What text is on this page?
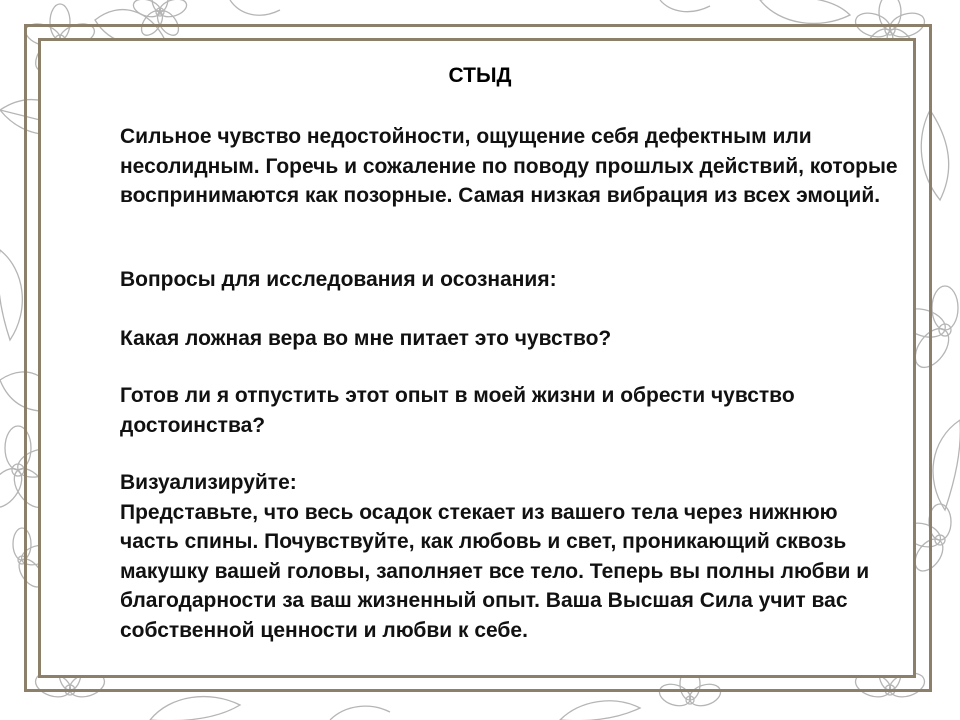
СТЫД

Сильное чувство недостойности, ощущение себя дефектным или несолидным. Горечь и сожаление по поводу прошлых действий, которые воспринимаются как позорные. Самая низкая вибрация из всех эмоций.

Вопросы для исследования и осознания:

Какая ложная вера во мне питает это чувство?

Готов ли я отпустить этот опыт в моей жизни и обрести чувство достоинства?

Визуализируйте:
Представьте, что весь осадок стекает из вашего тела через нижнюю часть спины. Почувствуйте, как любовь и свет, проникающий сквозь макушку вашей головы, заполняет все тело. Теперь вы полны любви и благодарности за ваш жизненный опыт. Ваша Высшая Сила учит вас собственной ценности и любви к себе.
